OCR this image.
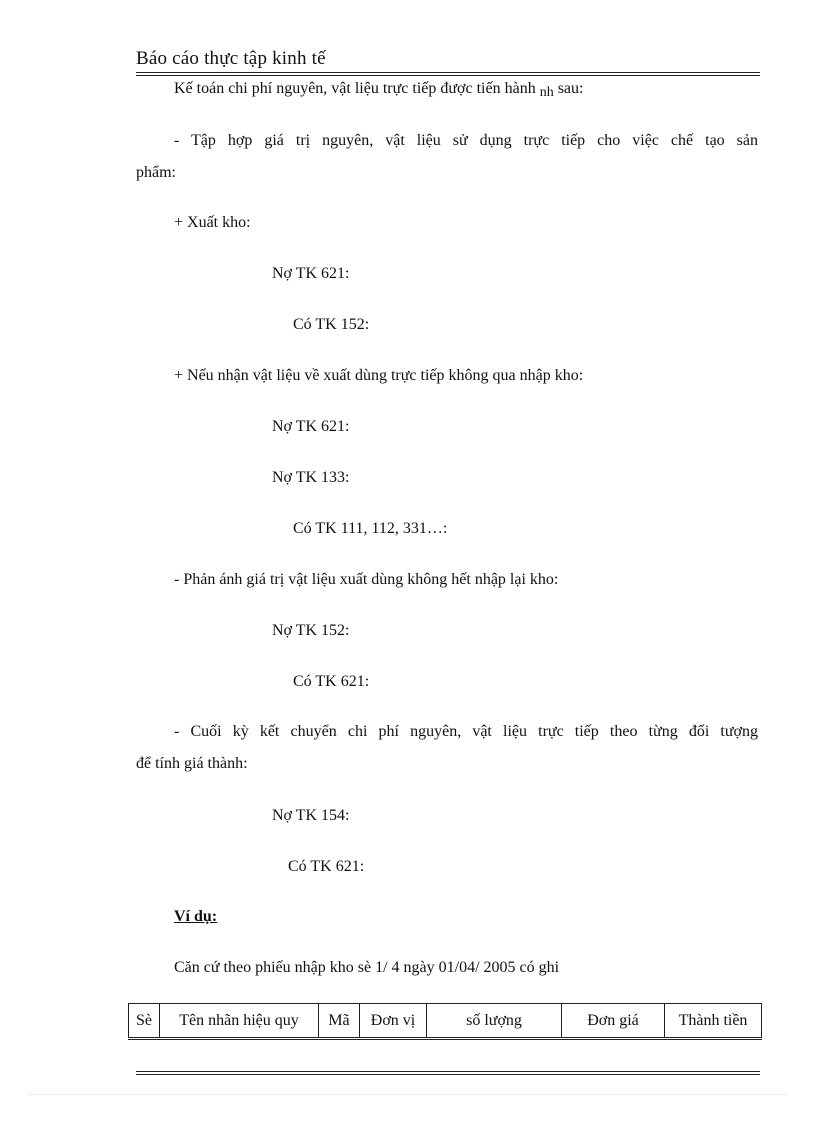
Báo cáo thực tập kinh tế
Kế toán chi phí nguyên, vật liệu trực tiếp được tiến hành nh sau:
- Tập hợp giá trị nguyên, vật liệu sử dụng trực tiếp cho việc chế tạo sản
phẩm:
+ Xuất kho:
Nợ TK 621:
Có TK 152:
+ Nếu nhận vật liệu về xuất dùng trực tiếp không qua nhập kho:
Nợ TK 621:
Nợ TK 133:
Có TK 111, 112, 331…:
- Phản ánh giá trị vật liệu xuất dùng không hết nhập lại kho:
Nợ TK 152:
Có TK 621:
- Cuối kỳ kết chuyển chi phí nguyên, vật liệu trực tiếp theo từng đối tượng
để tính giá thành:
Nợ TK 154:
Có TK 621:
Ví dụ:
Căn cứ theo phiếu nhập kho sè 1/ 4 ngày 01/04/ 2005 có ghi
Sè	Tên nhãn hiệu quy	Mã	Đơn vị	số lượng	Đơn giá	Thành tiền
